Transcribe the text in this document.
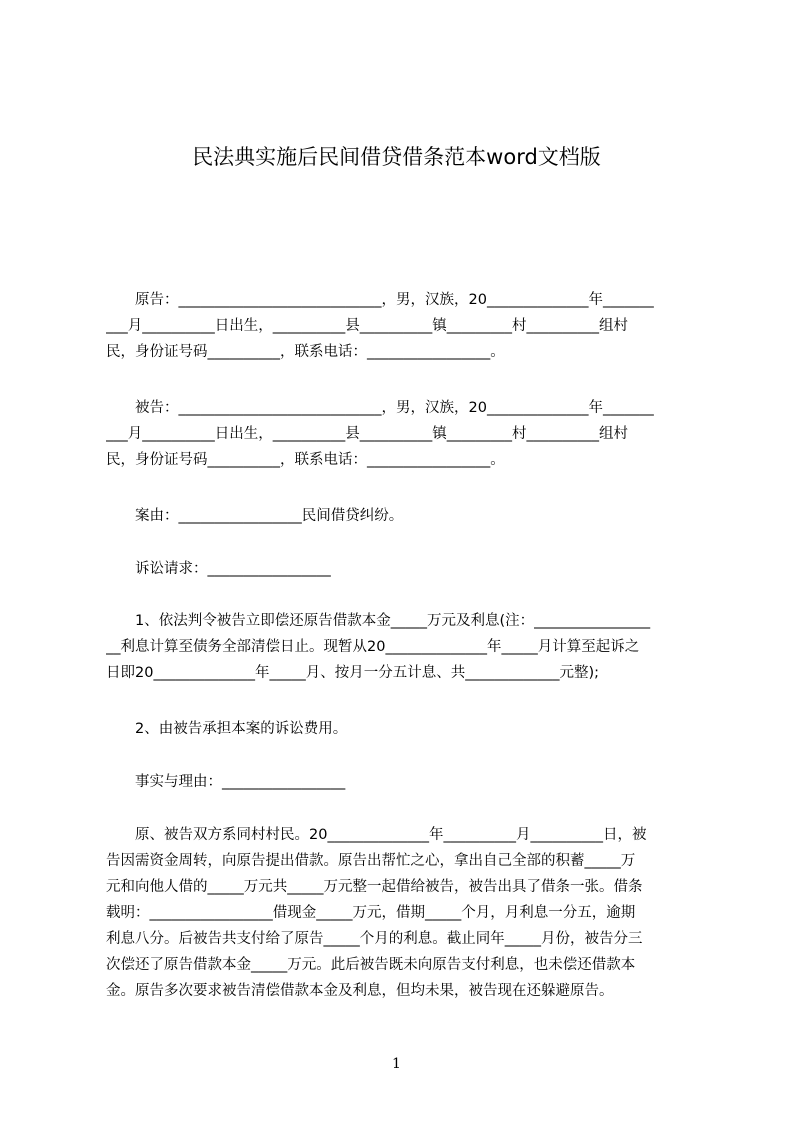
民法典实施后民间借贷借条范本word文档版
　　原告：____________________________，男，汉族，20______________年_______
___月__________日出生，__________县__________镇_________村__________组村
民，身份证号码__________，联系电话：_________________。
　　被告：____________________________，男，汉族，20______________年_______
___月__________日出生，__________县__________镇_________村__________组村
民，身份证号码__________，联系电话：_________________。
　　案由：_________________民间借贷纠纷。
　　诉讼请求：_________________
　　1、依法判令被告立即偿还原告借款本金_____万元及利息(注：________________
__利息计算至债务全部清偿日止。现暂从20______________年_____月计算至起诉之
日即20______________年_____月、按月一分五计息、共_____________元整);
　　2、由被告承担本案的诉讼费用。
　　事实与理由：_________________
　　原、被告双方系同村村民。20______________年__________月__________日，被
告因需资金周转，向原告提出借款。原告出帮忙之心，拿出自己全部的积蓄_____万
元和向他人借的_____万元共_____万元整一起借给被告，被告出具了借条一张。借条
载明：_________________借现金_____万元，借期_____个月，月利息一分五，逾期
利息八分。后被告共支付给了原告_____个月的利息。截止同年_____月份，被告分三
次偿还了原告借款本金_____万元。此后被告既未向原告支付利息，也未偿还借款本
金。原告多次要求被告清偿借款本金及利息，但均未果，被告现在还躲避原告。
1
